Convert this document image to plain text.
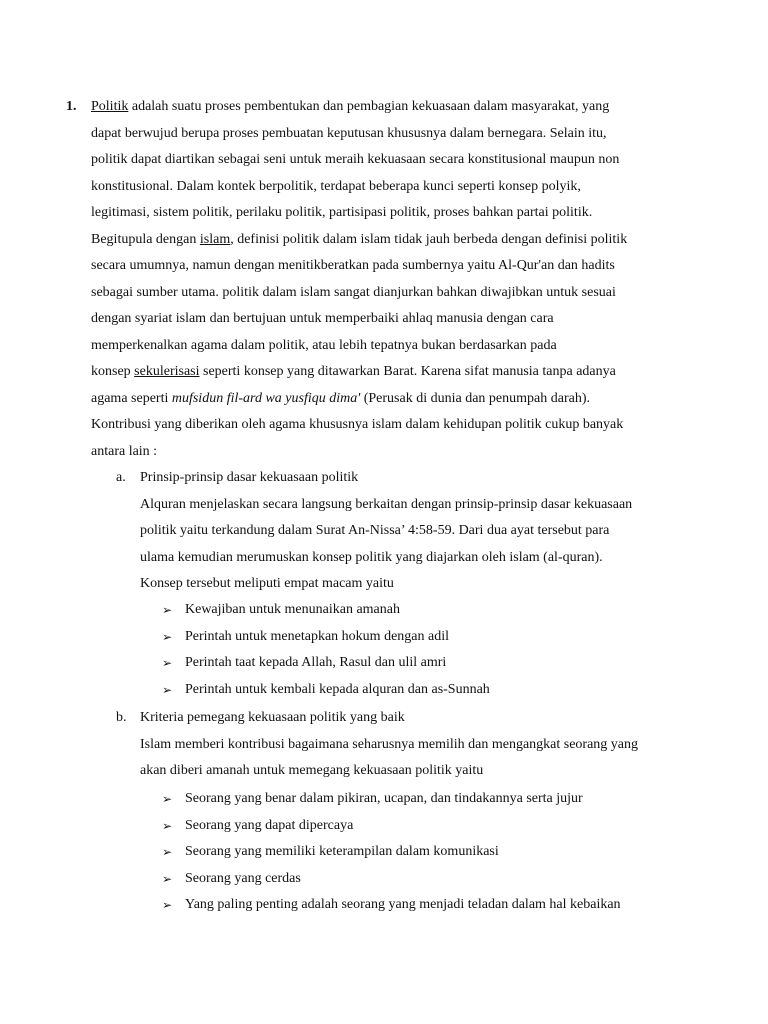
1. Politik adalah suatu proses pembentukan dan pembagian kekuasaan dalam masyarakat, yang
dapat berwujud berupa proses pembuatan keputusan khususnya dalam bernegara. Selain itu,
politik dapat diartikan sebagai seni untuk meraih kekuasaan secara konstitusional maupun non
konstitusional. Dalam kontek berpolitik, terdapat beberapa kunci seperti konsep polyik,
legitimasi, sistem politik, perilaku politik, partisipasi politik, proses bahkan partai politik.
Begitupula dengan islam, definisi politik dalam islam tidak jauh berbeda dengan definisi politik
secara umumnya, namun dengan menitikberatkan pada sumbernya yaitu Al-Qur'an dan hadits
sebagai sumber utama. politik dalam islam sangat dianjurkan bahkan diwajibkan untuk sesuai
dengan syariat islam dan bertujuan untuk memperbaiki ahlaq manusia dengan cara
memperkenalkan agama dalam politik, atau lebih tepatnya bukan berdasarkan pada
konsep sekulerisasi seperti konsep yang ditawarkan Barat. Karena sifat manusia tanpa adanya
agama seperti mufsidun fil-ard wa yusfiqu dima' (Perusak di dunia dan penumpah darah).
Kontribusi yang diberikan oleh agama khususnya islam dalam kehidupan politik cukup banyak
antara lain :
a. Prinsip-prinsip dasar kekuasaan politik
Alquran menjelaskan secara langsung berkaitan dengan prinsip-prinsip dasar kekuasaan
politik yaitu terkandung dalam Surat An-Nissa’ 4:58-59. Dari dua ayat tersebut para
ulama kemudian merumuskan konsep politik yang diajarkan oleh islam (al-quran).
Konsep tersebut meliputi empat macam yaitu
➢ Kewajiban untuk menunaikan amanah
➢ Perintah untuk menetapkan hokum dengan adil
➢ Perintah taat kepada Allah, Rasul dan ulil amri
➢ Perintah untuk kembali kepada alquran dan as-Sunnah
b. Kriteria pemegang kekuasaan politik yang baik
Islam memberi kontribusi bagaimana seharusnya memilih dan mengangkat seorang yang
akan diberi amanah untuk memegang kekuasaan politik yaitu
➢ Seorang yang benar dalam pikiran, ucapan, dan tindakannya serta jujur
➢ Seorang yang dapat dipercaya
➢ Seorang yang memiliki keterampilan dalam komunikasi
➢ Seorang yang cerdas
➢ Yang paling penting adalah seorang yang menjadi teladan dalam hal kebaikan
